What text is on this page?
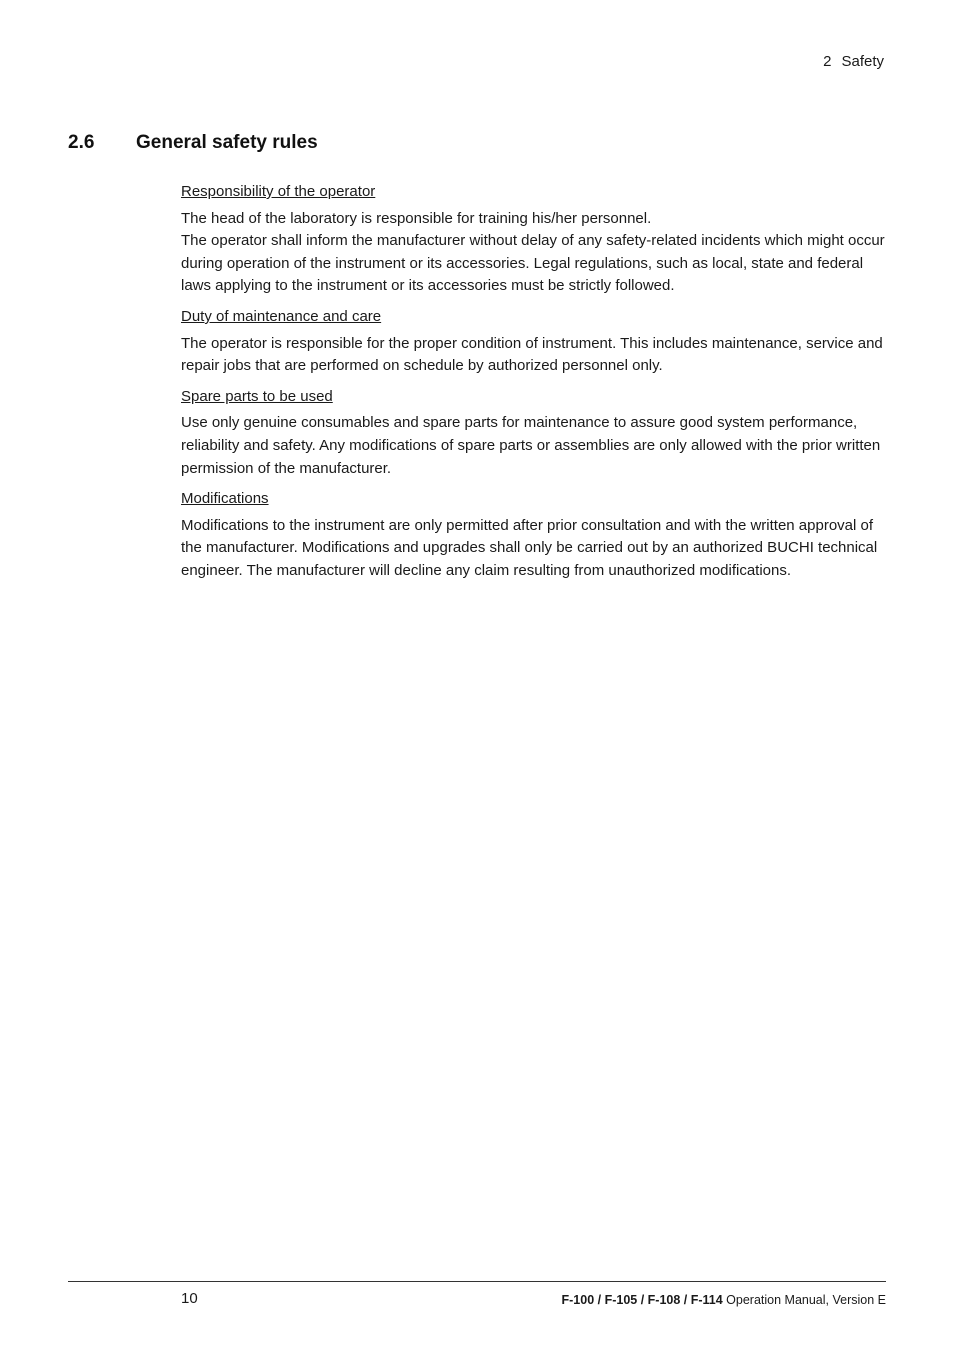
2 Safety
2.6 General safety rules

Responsibility of the operator

The head of the laboratory is responsible for training his/her personnel.

The operator shall inform the manufacturer without delay of any safety-related incidents which might occur during operation of the instrument or its accessories. Legal regulations, such as local, state and federal laws applying to the instrument or its accessories must be strictly followed.

Duty of maintenance and care

The operator is responsible for the proper condition of instrument. This includes maintenance, service and repair jobs that are performed on schedule by authorized personnel only.

Spare parts to be used

Use only genuine consumables and spare parts for maintenance to assure good system performance, reliability and safety. Any modifications of spare parts or assemblies are only allowed with the prior written permission of the manufacturer.

Modifications

Modifications to the instrument are only permitted after prior consultation and with the written approval of the manufacturer. Modifications and upgrades shall only be carried out by an authorized BUCHI technical engineer. The manufacturer will decline any claim resulting from unauthorized modifications.

10	F-100 / F-105 / F-108 / F-114 Operation Manual, Version E
